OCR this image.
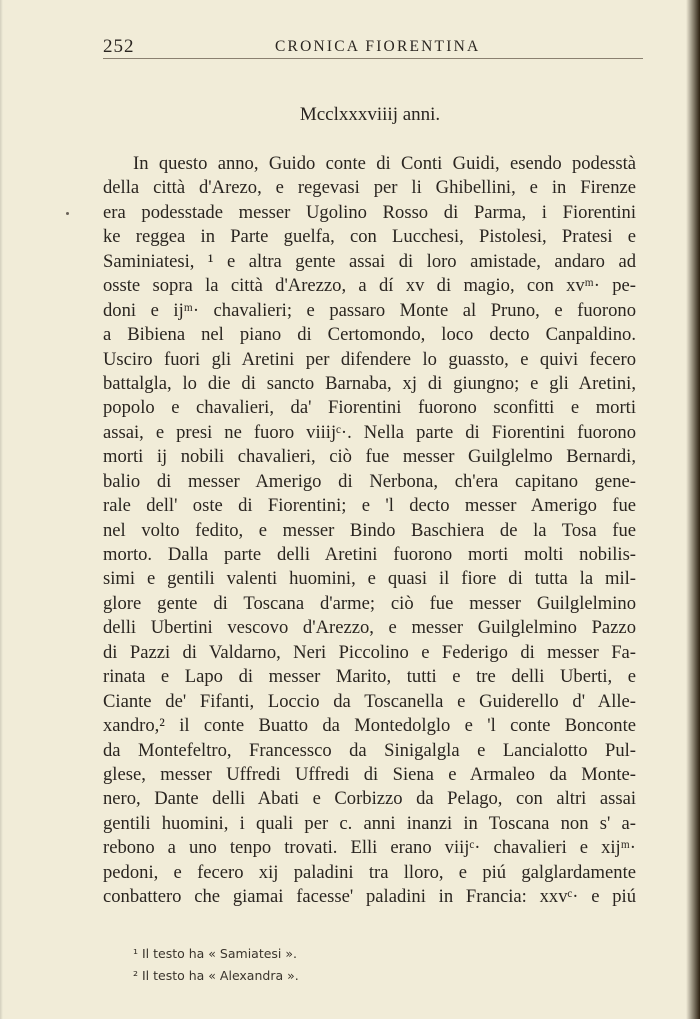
252	CRONICA FIORENTINA
Mcclxxxviiij anni.
In questo anno, Guido conte di Conti Guidi, esendo podesstà
della città d'Arezo, e regevasi per li Ghibellini, e in Firenze
era podesstade messer Ugolino Rosso di Parma, i Fiorentini
ke reggea in Parte guelfa, con Lucchesi, Pistolesi, Pratesi e
Saminiatesi, ¹ e altra gente assai di loro amistade, andaro ad
osste sopra la città d'Arezzo, a dí xv di magio, con xvᵐ· pe-
doni e ijᵐ· chavalieri; e passaro Monte al Pruno, e fuorono
a Bibiena nel piano di Certomondo, loco decto Canpaldino.
Usciro fuori gli Aretini per difendere lo guassto, e quivi fecero
battalgla, lo die di sancto Barnaba, xj di giungno; e gli Aretini,
popolo e chavalieri, da' Fiorentini fuorono sconfitti e morti
assai, e presi ne fuoro viiijᶜ·. Nella parte di Fiorentini fuorono
morti ij nobili chavalieri, ciò fue messer Guilglelmo Bernardi,
balio di messer Amerigo di Nerbona, ch'era capitano gene-
rale dell' oste di Fiorentini; e 'l decto messer Amerigo fue
nel volto fedito, e messer Bindo Baschiera de la Tosa fue
morto. Dalla parte delli Aretini fuorono morti molti nobilis-
simi e gentili valenti huomini, e quasi il fiore di tutta la mil-
glore gente di Toscana d'arme; ciò fue messer Guilglelmino
delli Ubertini vescovo d'Arezzo, e messer Guilglelmino Pazzo
di Pazzi di Valdarno, Neri Piccolino e Federigo di messer Fa-
rinata e Lapo di messer Marito, tutti e tre delli Uberti, e
Ciante de' Fifanti, Loccio da Toscanella e Guiderello d' Alle-
xandro,² il conte Buatto da Montedolglo e 'l conte Bonconte
da Montefeltro, Francessco da Sinigalgla e Lancialotto Pul-
glese, messer Uffredi Uffredi di Siena e Armaleo da Monte-
nero, Dante delli Abati e Corbizzo da Pelago, con altri assai
gentili huomini, i quali per c. anni inanzi in Toscana non s' a-
rebono a uno tenpo trovati. Elli erano viijᶜ· chavalieri e xijᵐ·
pedoni, e fecero xij paladini tra lloro, e piú galglardamente
conbattero che giamai facesse' paladini in Francia: xxvᶜ· e piú
¹ Il testo ha « Samiatesi ».
² Il testo ha « Alexandra ».
